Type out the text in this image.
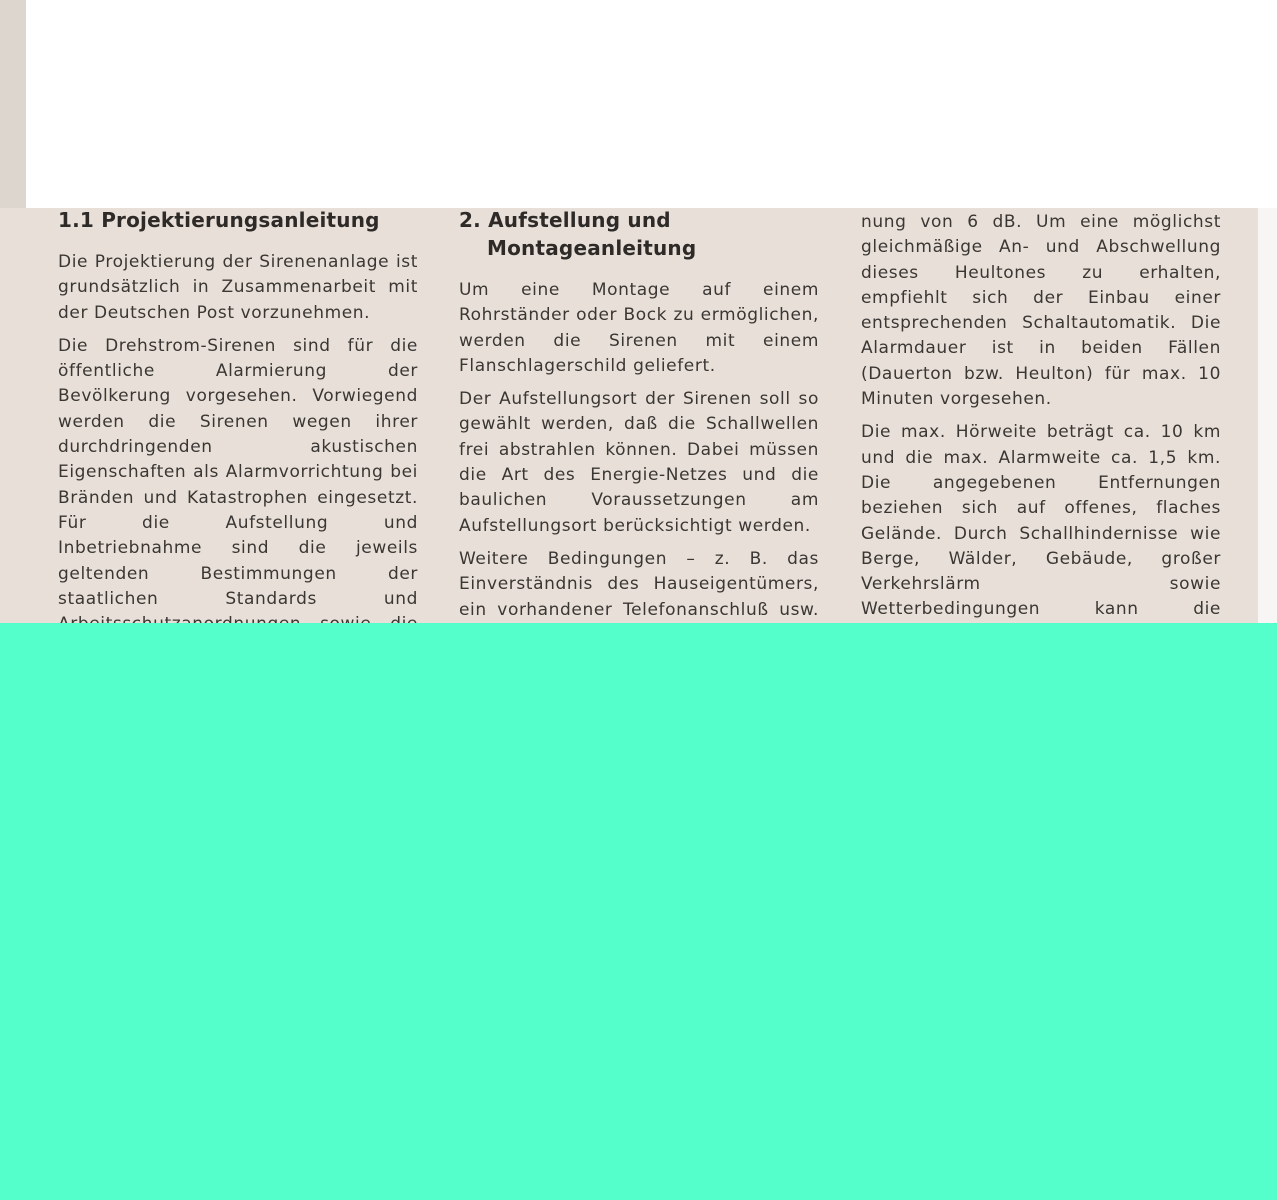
1.1 Projektierungsanleitung

Die Projektierung der Sirenenanlage ist grundsätzlich in Zusammenarbeit mit der Deutschen Post vorzunehmen.

Die Drehstrom-Sirenen sind für die öffentliche Alarmierung der Bevölkerung vorgesehen. Vorwiegend werden die Sirenen wegen ihrer durchdringenden akustischen Eigenschaften als Alarmvorrichtung bei Bränden und Katastrophen eingesetzt. Für die Aufstellung und Inbetriebnahme sind die jeweils geltenden Bestimmungen der staatlichen Standards und

2. Aufstellung und
Montageanleitung

Um eine Montage auf einem Rohrständer oder Bock zu ermöglichen, werden die Sirenen mit einem Flanschlagerschild geliefert.

Der Aufstellungsort der Sirenen soll so gewählt werden, daß die Schallwellen frei abstrahlen können. Dabei müssen die Art des Energie-Netzes und die baulichen Voraussetzungen am Aufstellungsort berücksichtigt werden.

Weitere Bedingungen – z. B. das Einverständnis des Hauseigentümers, ein vorhandener Telefonanschluß usw.

nung von 6 dB. Um eine möglichst gleichmäßige An- und Abschwellung dieses Heultones zu erhalten, empfiehlt sich der Einbau einer entsprechenden Schaltautomatik. Die Alarmdauer ist in beiden Fällen (Dauerton bzw. Heulton) für max. 10 Minuten vorgesehen.

Die max. Hörweite beträgt ca. 10 km und die max. Alarmweite ca. 1,5 km. Die angegebenen Entfernungen beziehen sich auf offenes, flaches Gelände. Durch Schallhindernisse wie Berge, Wälder, Gebäude, großer Verkehrslärm sowie Wetterbedingungen kann die
